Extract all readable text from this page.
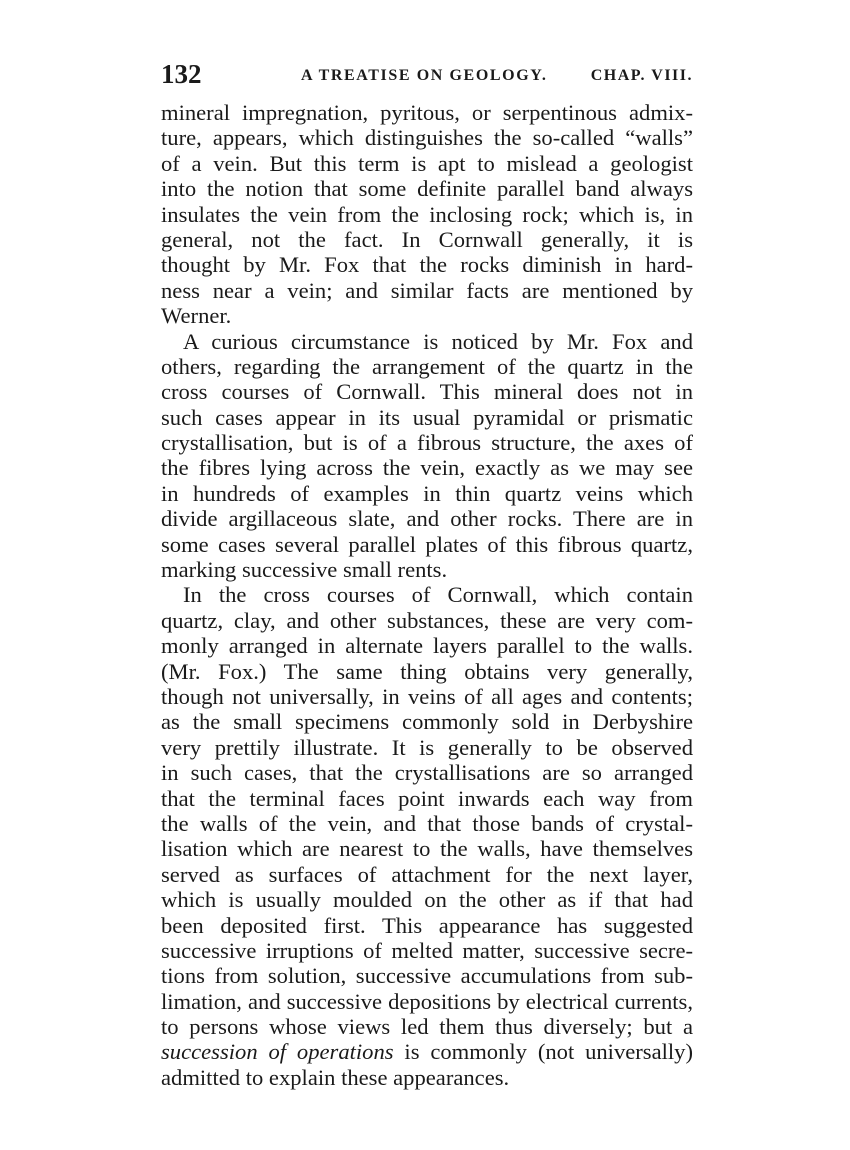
132	A TREATISE ON GEOLOGY.	CHAP. VIII.
mineral impregnation, pyritous, or serpentinous admix-
ture, appears, which distinguishes the so-called “walls”
of a vein. But this term is apt to mislead a geologist
into the notion that some definite parallel band always
insulates the vein from the inclosing rock; which is, in
general, not the fact. In Cornwall generally, it is
thought by Mr. Fox that the rocks diminish in hard-
ness near a vein; and similar facts are mentioned by
Werner.
A curious circumstance is noticed by Mr. Fox and
others, regarding the arrangement of the quartz in the
cross courses of Cornwall. This mineral does not in
such cases appear in its usual pyramidal or prismatic
crystallisation, but is of a fibrous structure, the axes of
the fibres lying across the vein, exactly as we may see
in hundreds of examples in thin quartz veins which
divide argillaceous slate, and other rocks. There are in
some cases several parallel plates of this fibrous quartz,
marking successive small rents.
In the cross courses of Cornwall, which contain
quartz, clay, and other substances, these are very com-
monly arranged in alternate layers parallel to the walls.
(Mr. Fox.) The same thing obtains very generally,
though not universally, in veins of all ages and contents;
as the small specimens commonly sold in Derbyshire
very prettily illustrate. It is generally to be observed
in such cases, that the crystallisations are so arranged
that the terminal faces point inwards each way from
the walls of the vein, and that those bands of crystal-
lisation which are nearest to the walls, have themselves
served as surfaces of attachment for the next layer,
which is usually moulded on the other as if that had
been deposited first. This appearance has suggested
successive irruptions of melted matter, successive secre-
tions from solution, successive accumulations from sub-
limation, and successive depositions by electrical currents,
to persons whose views led them thus diversely; but a
succession of operations is commonly (not universally)
admitted to explain these appearances.
